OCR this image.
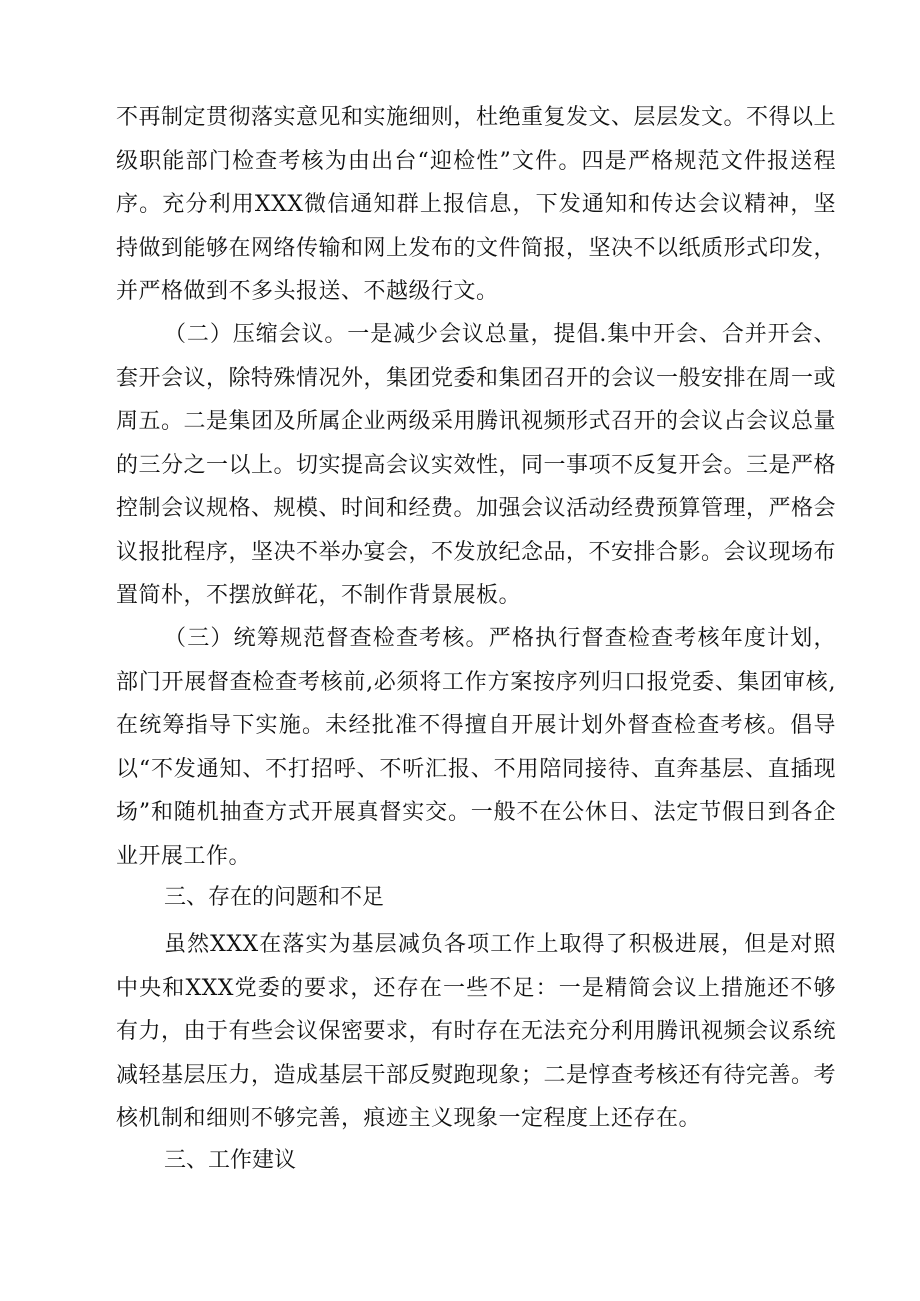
不再制定贯彻落实意见和实施细则，杜绝重复发文、层层发文。不得以上级职能部门检查考核为由出台“迎检性”文件。四是严格规范文件报送程序。充分利用XXX微信通知群上报信息，下发通知和传达会议精神，坚持做到能够在网络传输和网上发布的文件简报，坚决不以纸质形式印发，并严格做到不多头报送、不越级行文。

（二）压缩会议。一是减少会议总量，提倡.集中开会、合并开会、套开会议，除特殊情况外，集团党委和集团召开的会议一般安排在周一或周五。二是集团及所属企业两级采用腾讯视频形式召开的会议占会议总量的三分之一以上。切实提高会议实效性，同一事项不反复开会。三是严格控制会议规格、规模、时间和经费。加强会议活动经费预算管理，严格会议报批程序，坚决不举办宴会，不发放纪念品，不安排合影。会议现场布置简朴，不摆放鲜花，不制作背景展板。

（三）统筹规范督查检查考核。严格执行督查检查考核年度计划，部门开展督查检查考核前,必须将工作方案按序列归口报党委、集团审核,在统筹指导下实施。未经批准不得擅自开展计划外督查检查考核。倡导以“不发通知、不打招呼、不听汇报、不用陪同接待、直奔基层、直插现场”和随机抽查方式开展真督实交。一般不在公休日、法定节假日到各企业开展工作。

三、存在的问题和不足

虽然XXX在落实为基层减负各项工作上取得了积极进展，但是对照中央和XXX党委的要求，还存在一些不足：一是精简会议上措施还不够有力，由于有些会议保密要求，有时存在无法充分利用腾讯视频会议系统减轻基层压力，造成基层干部反熨跑现象；二是惇查考核还有待完善。考核机制和细则不够完善，痕迹主义现象一定程度上还存在。

三、工作建议
